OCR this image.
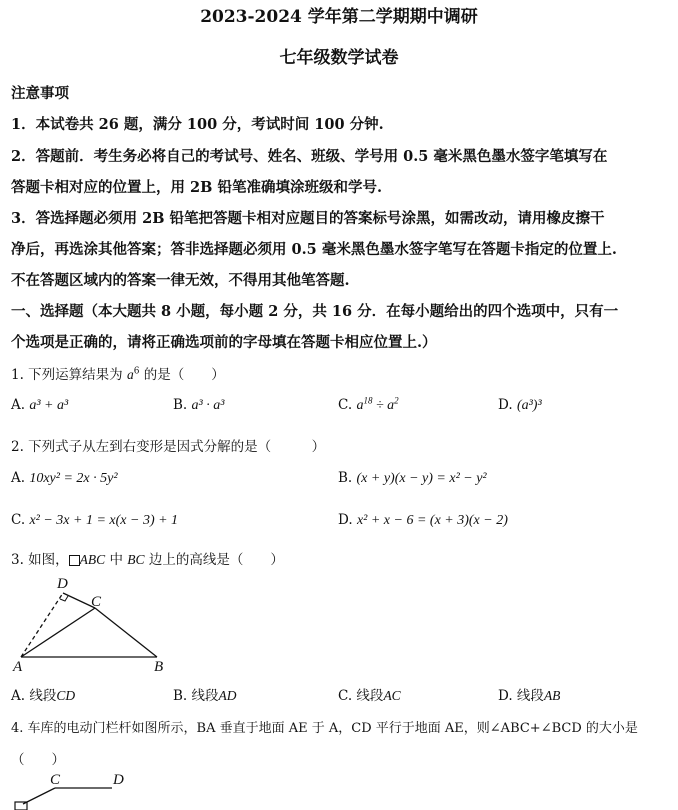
2023-2024 学年第二学期期中调研
七年级数学试卷
注意事项
1．本试卷共 26 题，满分 100 分，考试时间 100 分钟.
2．答题前．考生务必将自己的考试号、姓名、班级、学号用 0.5 毫米黑色墨水签字笔填写在
答题卡相对应的位置上，用 2B 铅笔准确填涂班级和学号.
3．答选择题必须用 2B 铅笔把答题卡相对应题目的答案标号涂黑，如需改动，请用橡皮擦干
净后，再选涂其他答案；答非选择题必须用 0.5 毫米黑色墨水签字笔写在答题卡指定的位置上.
不在答题区域内的答案一律无效，不得用其他笔答题.
一、选择题（本大题共 8 小题，每小题 2 分，共 16 分．在每小题给出的四个选项中，只有一
个选项是正确的，请将正确选项前的字母填在答题卡相应位置上.）
1. 下列运算结果为 $a^6$ 的是（　　）
A. a³ + a³	B. a³ · a³	C. $a^{18} \div a^2$	D. (a³)³
2. 下列式子从左到右变形是因式分解的是（　　　）
A. 10xy² = 2x · 5y²	B. (x + y)(x − y) = x² − y²
C. x² − 3x + 1 = x(x − 3) + 1	D. x² + x − 6 = (x + 3)(x − 2)
3. 如图， ABC 中 BC 边上的高线是（　　）
A	B
C
D
A. 线段CD	B. 线段AD	C. 线段AC	D. 线段AB
4. 车库的电动门栏杆如图所示，BA 垂直于地面 AE 于 A，CD 平行于地面 AE，则∠ABC+∠BCD 的大小是
（　　）
C	D
